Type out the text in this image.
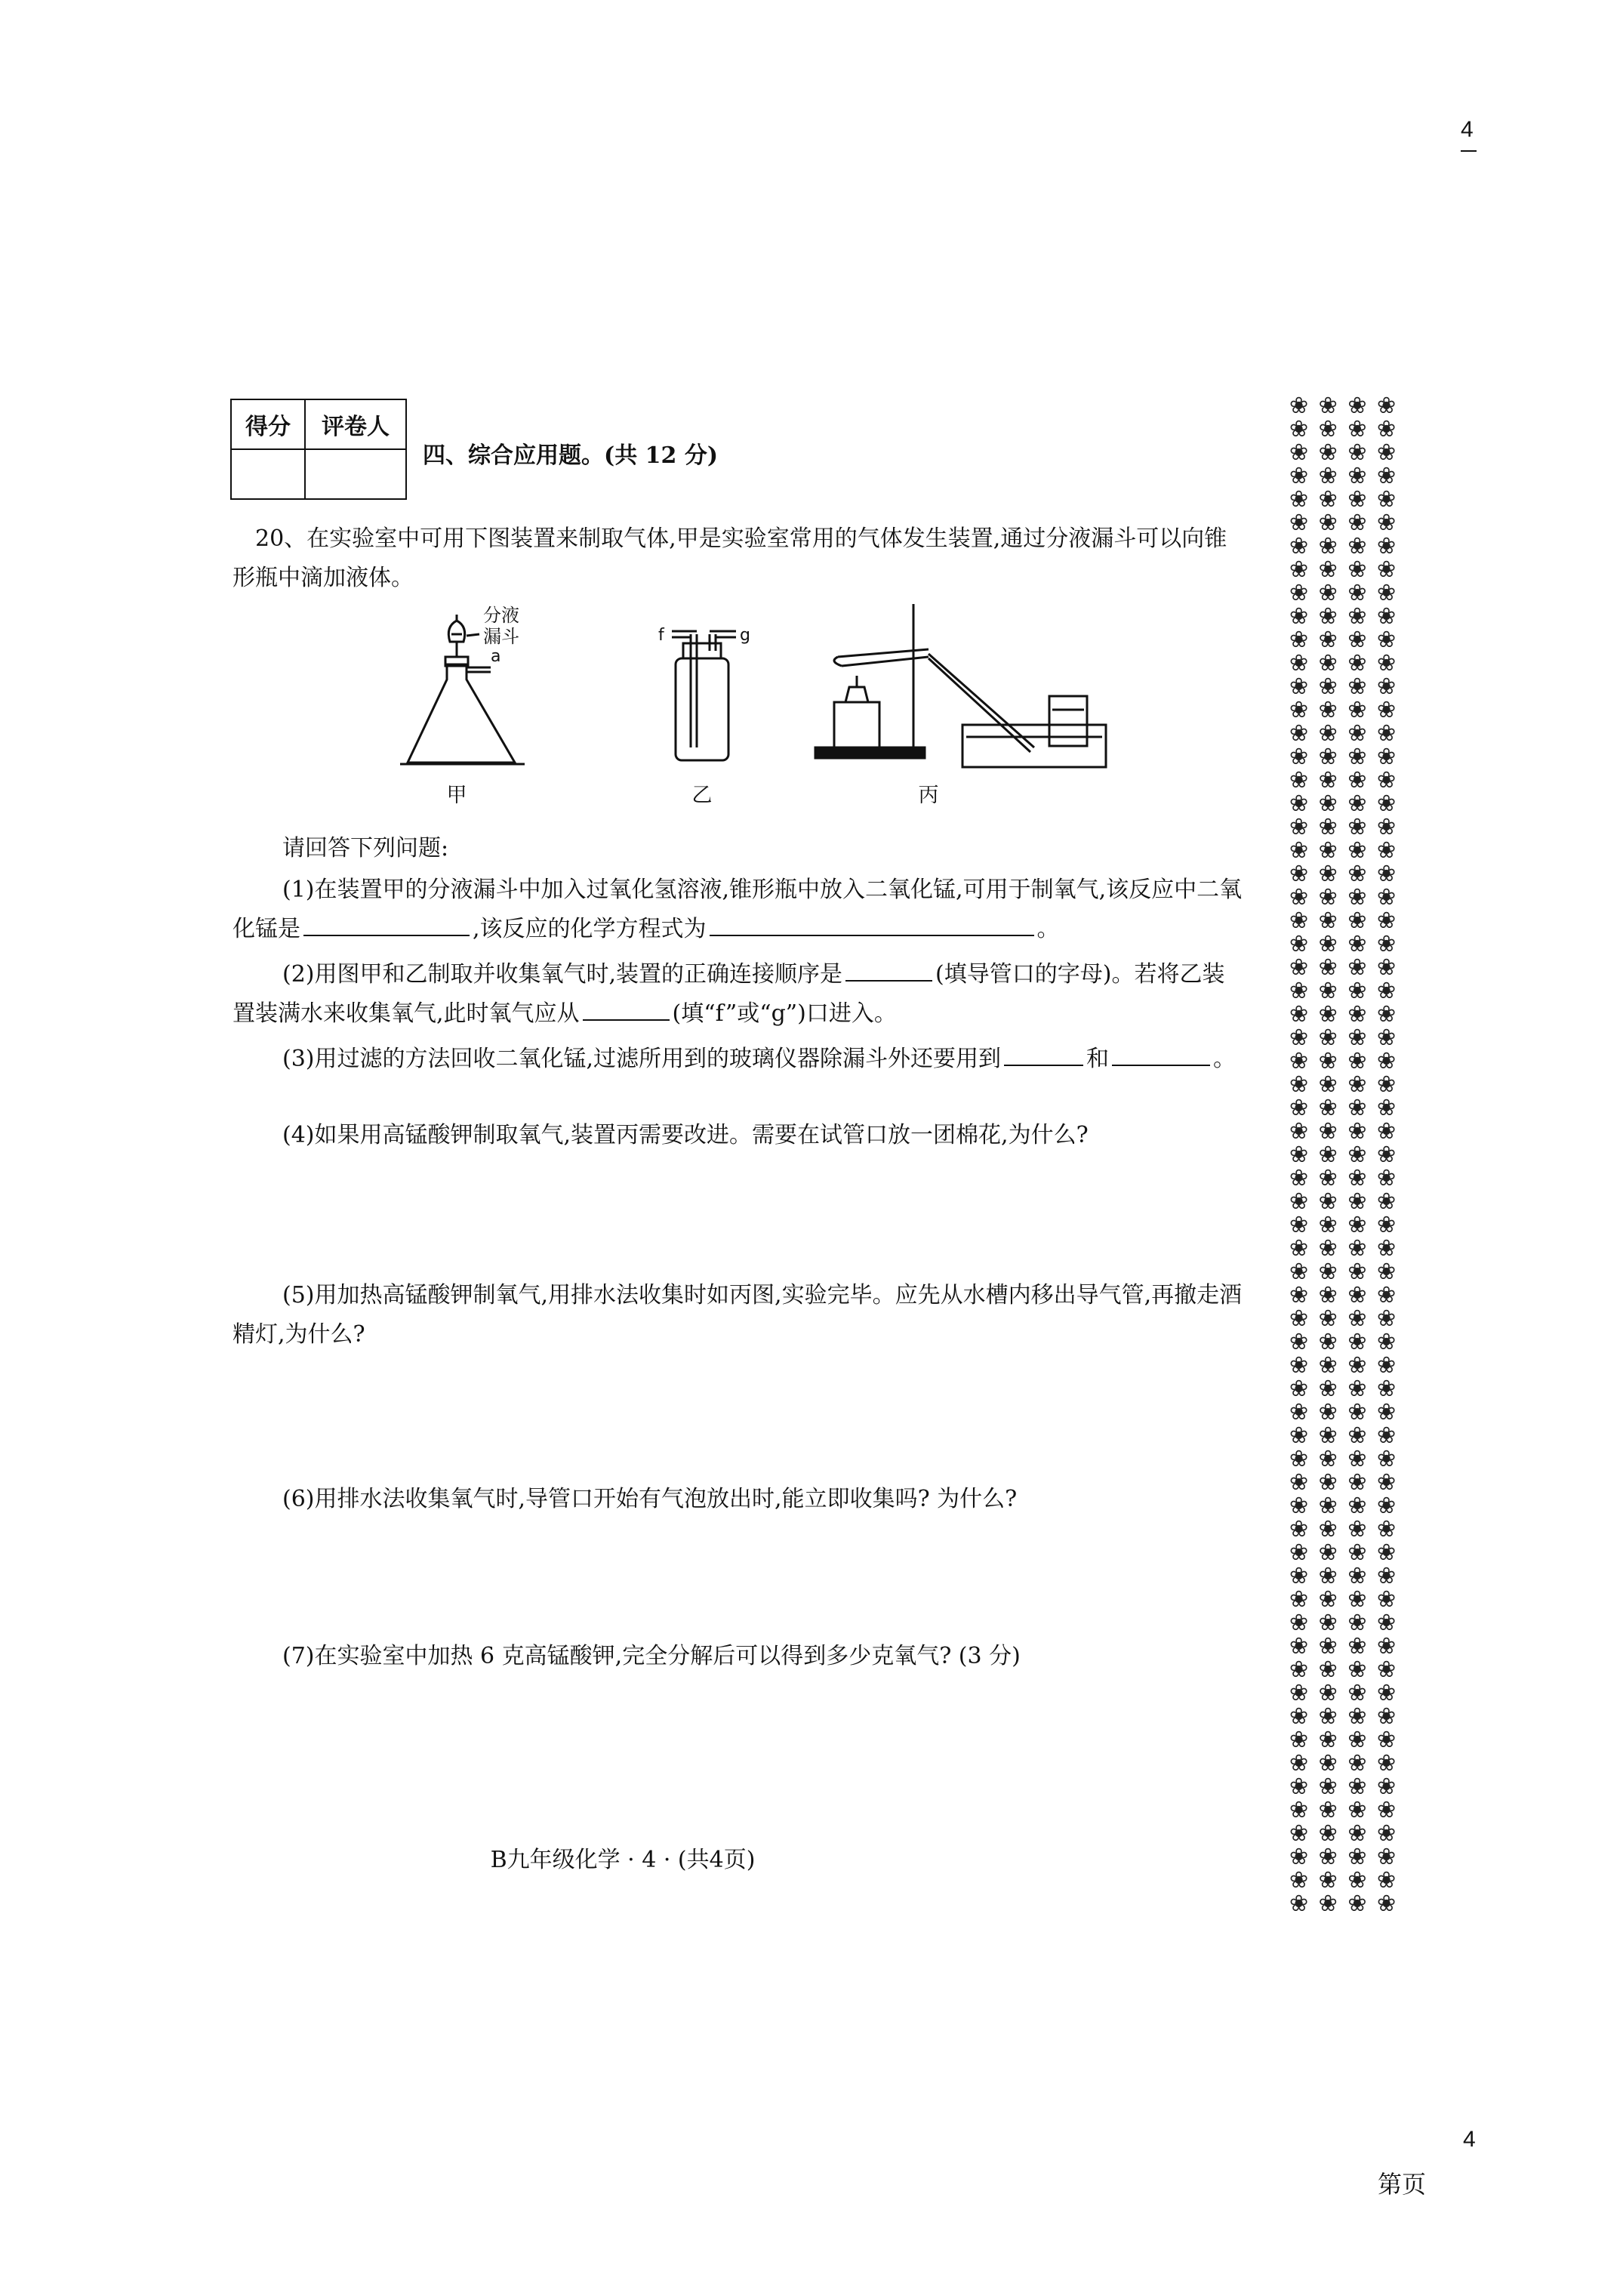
4
得分	评卷人

四、综合应用题。(共 12 分)
20、在实验室中可用下图装置来制取气体,甲是实验室常用的气体发生装置,通过分液漏斗可以向锥形瓶中滴加液体。
分液
漏斗
a
f	g
甲	乙	丙
请回答下列问题:
(1)在装置甲的分液漏斗中加入过氧化氢溶液,锥形瓶中放入二氧化锰,可用于制氧气,该反应中二氧化锰是	,该反应的化学方程式为	。
(2)用图甲和乙制取并收集氧气时,装置的正确连接顺序是	(填导管口的字母)。若将乙装置装满水来收集氧气,此时氧气应从	(填“f”或“g”)口进入。
(3)用过滤的方法回收二氧化锰,过滤所用到的玻璃仪器除漏斗外还要用到	和	。
(4)如果用高锰酸钾制取氧气,装置丙需要改进。需要在试管口放一团棉花,为什么?
(5)用加热高锰酸钾制氧气,用排水法收集时如丙图,实验完毕。应先从水槽内移出导气管,再撤走酒精灯,为什么?
(6)用排水法收集氧气时,导管口开始有气泡放出时,能立即收集吗? 为什么?
(7)在实验室中加热 6 克高锰酸钾,完全分解后可以得到多少克氧气? (3 分)
B九年级化学 · 4 · (共4页)
❀ ❀ ❀ ❀
❀ ❀ ❀ ❀
❀ ❀ ❀ ❀
❀ ❀ ❀ ❀
❀ ❀ ❀ ❀
❀ ❀ ❀ ❀
❀ ❀ ❀ ❀
❀ ❀ ❀ ❀
❀ ❀ ❀ ❀
❀ ❀ ❀ ❀
❀ ❀ ❀ ❀
❀ ❀ ❀ ❀
❀ ❀ ❀ ❀
❀ ❀ ❀ ❀
❀ ❀ ❀ ❀
❀ ❀ ❀ ❀
❀ ❀ ❀ ❀
❀ ❀ ❀ ❀
❀ ❀ ❀ ❀
❀ ❀ ❀ ❀
❀ ❀ ❀ ❀
❀ ❀ ❀ ❀
❀ ❀ ❀ ❀
❀ ❀ ❀ ❀
❀ ❀ ❀ ❀
❀ ❀ ❀ ❀
❀ ❀ ❀ ❀
❀ ❀ ❀ ❀
❀ ❀ ❀ ❀
❀ ❀ ❀ ❀
❀ ❀ ❀ ❀
❀ ❀ ❀ ❀
❀ ❀ ❀ ❀
❀ ❀ ❀ ❀
❀ ❀ ❀ ❀
❀ ❀ ❀ ❀
❀ ❀ ❀ ❀
❀ ❀ ❀ ❀
❀ ❀ ❀ ❀
❀ ❀ ❀ ❀
❀ ❀ ❀ ❀
❀ ❀ ❀ ❀
❀ ❀ ❀ ❀
❀ ❀ ❀ ❀
❀ ❀ ❀ ❀
❀ ❀ ❀ ❀
❀ ❀ ❀ ❀
❀ ❀ ❀ ❀
❀ ❀ ❀ ❀
❀ ❀ ❀ ❀
❀ ❀ ❀ ❀
❀ ❀ ❀ ❀
❀ ❀ ❀ ❀
❀ ❀ ❀ ❀
❀ ❀ ❀ ❀
❀ ❀ ❀ ❀
❀ ❀ ❀ ❀
❀ ❀ ❀ ❀
❀ ❀ ❀ ❀
❀ ❀ ❀ ❀
❀ ❀ ❀ ❀
❀ ❀ ❀ ❀
❀ ❀ ❀ ❀
❀ ❀ ❀ ❀
❀ ❀ ❀ ❀
4
第页
